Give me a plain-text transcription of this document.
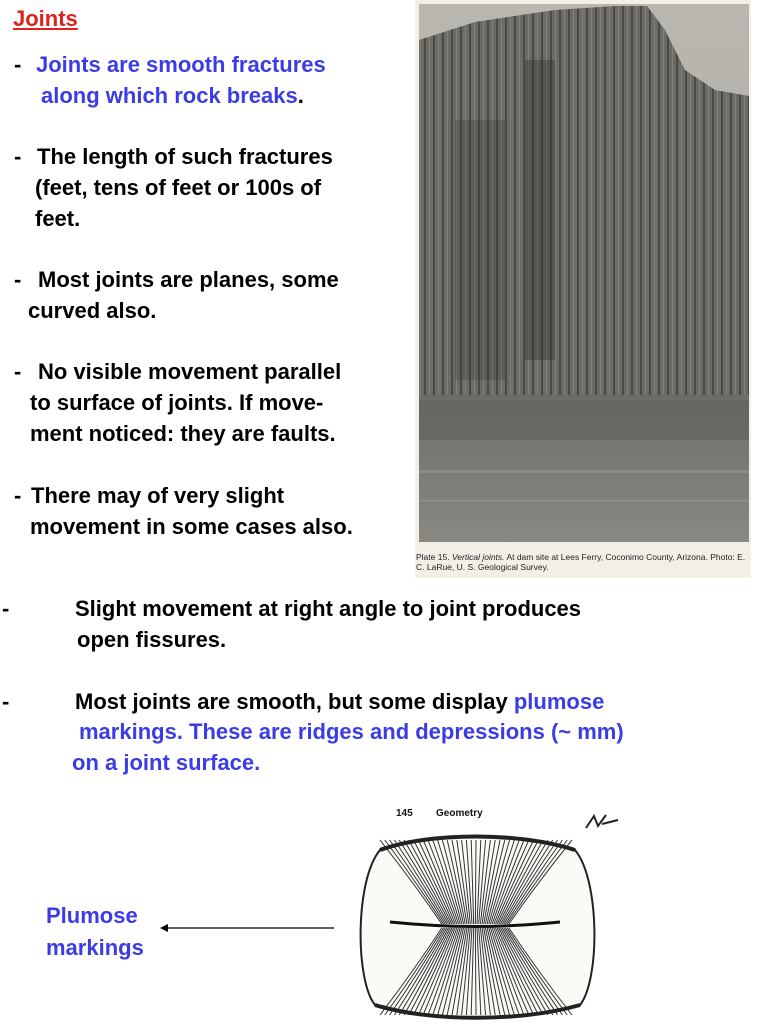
Joints
- Joints are smooth fractures
along which rock breaks.
- The length of such fractures
(feet, tens of feet or 100s of
feet.
- Most joints are planes, some
curved also.
- No visible movement parallel
to surface of joints. If move-
ment noticed: they are faults.
- There may of very slight
movement in some cases also.
Plate 15. Vertical joints. At dam site at Lees Ferry, Coconimo County, Arizona. Photo: E. C. LaRue, U. S. Geological Survey.
-	Slight movement at right angle to joint produces
open fissures.
-	Most joints are smooth, but some display plumose
markings. These are ridges and depressions (~ mm)
on a joint surface.
145 Geometry
Plumose
markings
